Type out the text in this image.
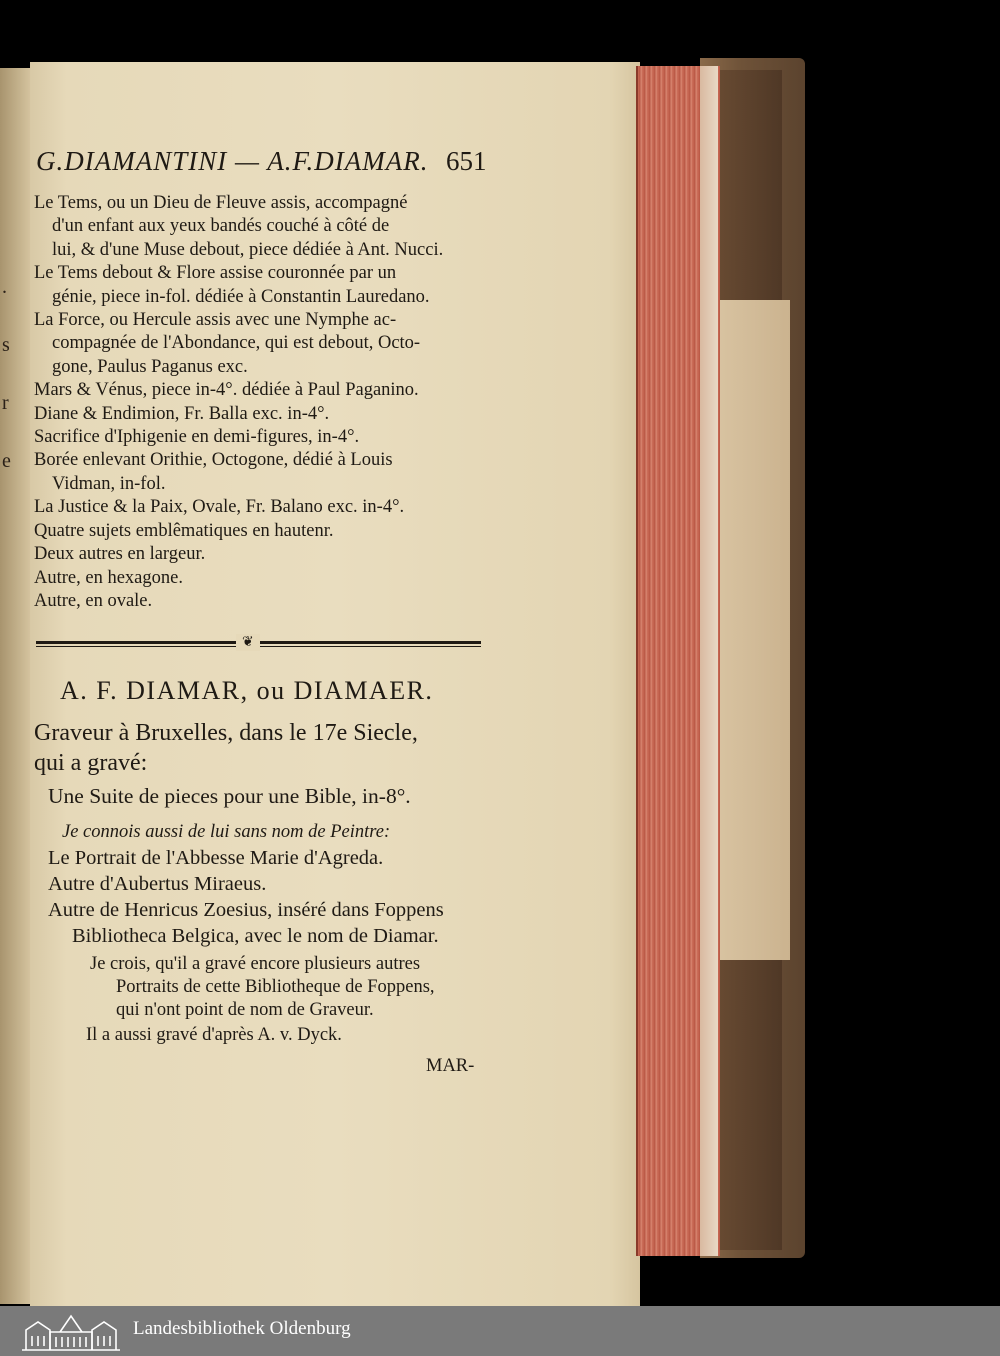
.
s
r
e
G.DIAMANTINI — A.F.DIAMAR. 651
Le Tems, ou un Dieu de Fleuve assis, accompagné
d'un enfant aux yeux bandés couché à côté de
lui, & d'une Muse debout, piece dédiée à Ant. Nucci.
Le Tems debout & Flore assise couronnée par un
génie, piece in-fol. dédiée à Constantin Lauredano.
La Force, ou Hercule assis avec une Nymphe ac-
compagnée de l'Abondance, qui est debout, Octo-
gone, Paulus Paganus exc.
Mars & Vénus, piece in-4°. dédiée à Paul Paganino.
Diane & Endimion, Fr. Balla exc. in-4°.
Sacrifice d'Iphigenie en demi-figures, in-4°.
Borée enlevant Orithie, Octogone, dédié à Louis
Vidman, in-fol.
La Justice & la Paix, Ovale, Fr. Balano exc. in-4°.
Quatre sujets emblêmatiques en hautenr.
Deux autres en largeur.
Autre, en hexagone.
Autre, en ovale.
❦
A. F. DIAMAR, ou DIAMAER.
Graveur à Bruxelles, dans le 17e Siecle,
qui a gravé:
Une Suite de pieces pour une Bible, in-8°.
Je connois aussi de lui sans nom de Peintre:
Le Portrait de l'Abbesse Marie d'Agreda.
Autre d'Aubertus Miraeus.
Autre de Henricus Zoesius, inséré dans Foppens
Bibliotheca Belgica, avec le nom de Diamar.
Je crois, qu'il a gravé encore plusieurs autres
Portraits de cette Bibliotheque de Foppens,
qui n'ont point de nom de Graveur.
Il a aussi gravé d'après A. v. Dyck.
MAR-
Landesbibliothek Oldenburg
